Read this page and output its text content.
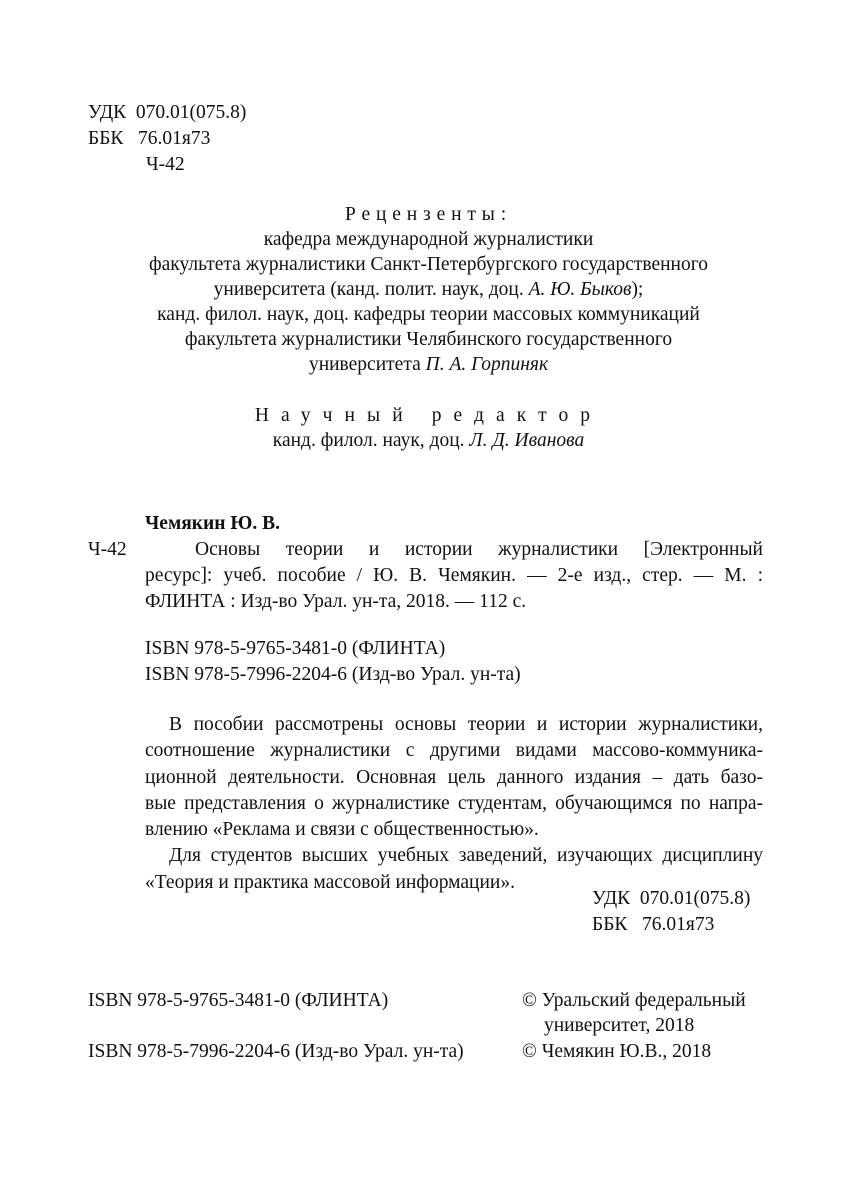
УДК 070.01(075.8)
ББК 76.01я73
Ч-42
Рецензенты:
кафедра международной журналистики
факультета журналистики Санкт-Петербургского государственного
университета (канд. полит. наук, доц. А. Ю. Быков);
канд. филол. наук, доц. кафедры теории массовых коммуникаций
факультета журналистики Челябинского государственного
университета П. А. Горпиняк
Научный редактор
канд. филол. наук, доц. Л. Д. Иванова
Чемякин Ю. В.
Ч-42	Основы теории и истории журналистики [Электронный
ресурс]: учеб. пособие / Ю. В. Чемякин. — 2-е изд., стер. — М. :
ФЛИНТА : Изд-во Урал. ун-та, 2018. — 112 с.
ISBN 978-5-9765-3481-0 (ФЛИНТА)
ISBN 978-5-7996-2204-6 (Изд-во Урал. ун-та)
В пособии рассмотрены основы теории и истории журналистики,
соотношение журналистики с другими видами массово-коммуника-
ционной деятельности. Основная цель данного издания – дать базо-
вые представления о журналистике студентам, обучающимся по напра-
влению «Реклама и связи с общественностью».
Для студентов высших учебных заведений, изучающих дисциплину
«Теория и практика массовой информации».
УДК  070.01(075.8)
ББК   76.01я73
ISBN 978-5-9765-3481-0 (ФЛИНТА)
ISBN 978-5-7996-2204-6 (Изд-во Урал. ун-та)
© Уральский федеральный
университет, 2018
© Чемякин Ю.В., 2018
